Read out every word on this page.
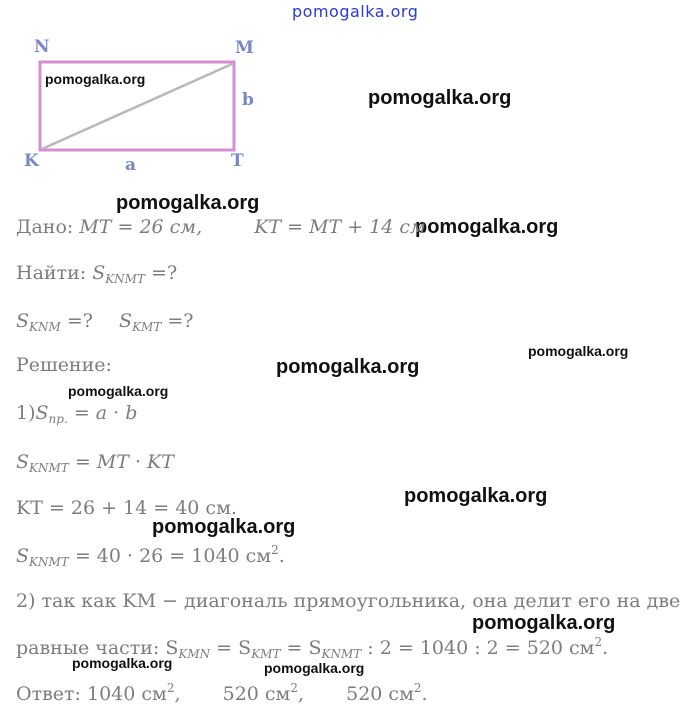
N	M
K	T
a
b
pomogalka.org
pomogalka.org
pomogalka.org
pomogalka.org
pomogalka.org
pomogalka.org
pomogalka.org
pomogalka.org
pomogalka.org
pomogalka.org
pomogalka.org
pomogalka.org	pomogalka.org
Дано: MT = 26 см,	KT = MT + 14 см
Найти: $S_{KNMT}$ =?
$S_{KNM}$ =? $S_{KMT}$ =?
Решение:
$1)S_{пр.} = a \cdot b$
$S_{KNMT}$ = MT · KT
KT = 26 + 14 = 40 см.
$S_{KNMT} = 40 \cdot 26 = 1040$ $см^2$.
2) так как KM − диагональ прямоугольника, она делит его на две
равные части: $S_{KMN} = S_{KMT} = S_{KNMT}$ : 2 = 1040 : 2 = 520 $см^2$.
Ответ: 1040 $см^2$, 520 $см^2$, 520 $см^2$.
